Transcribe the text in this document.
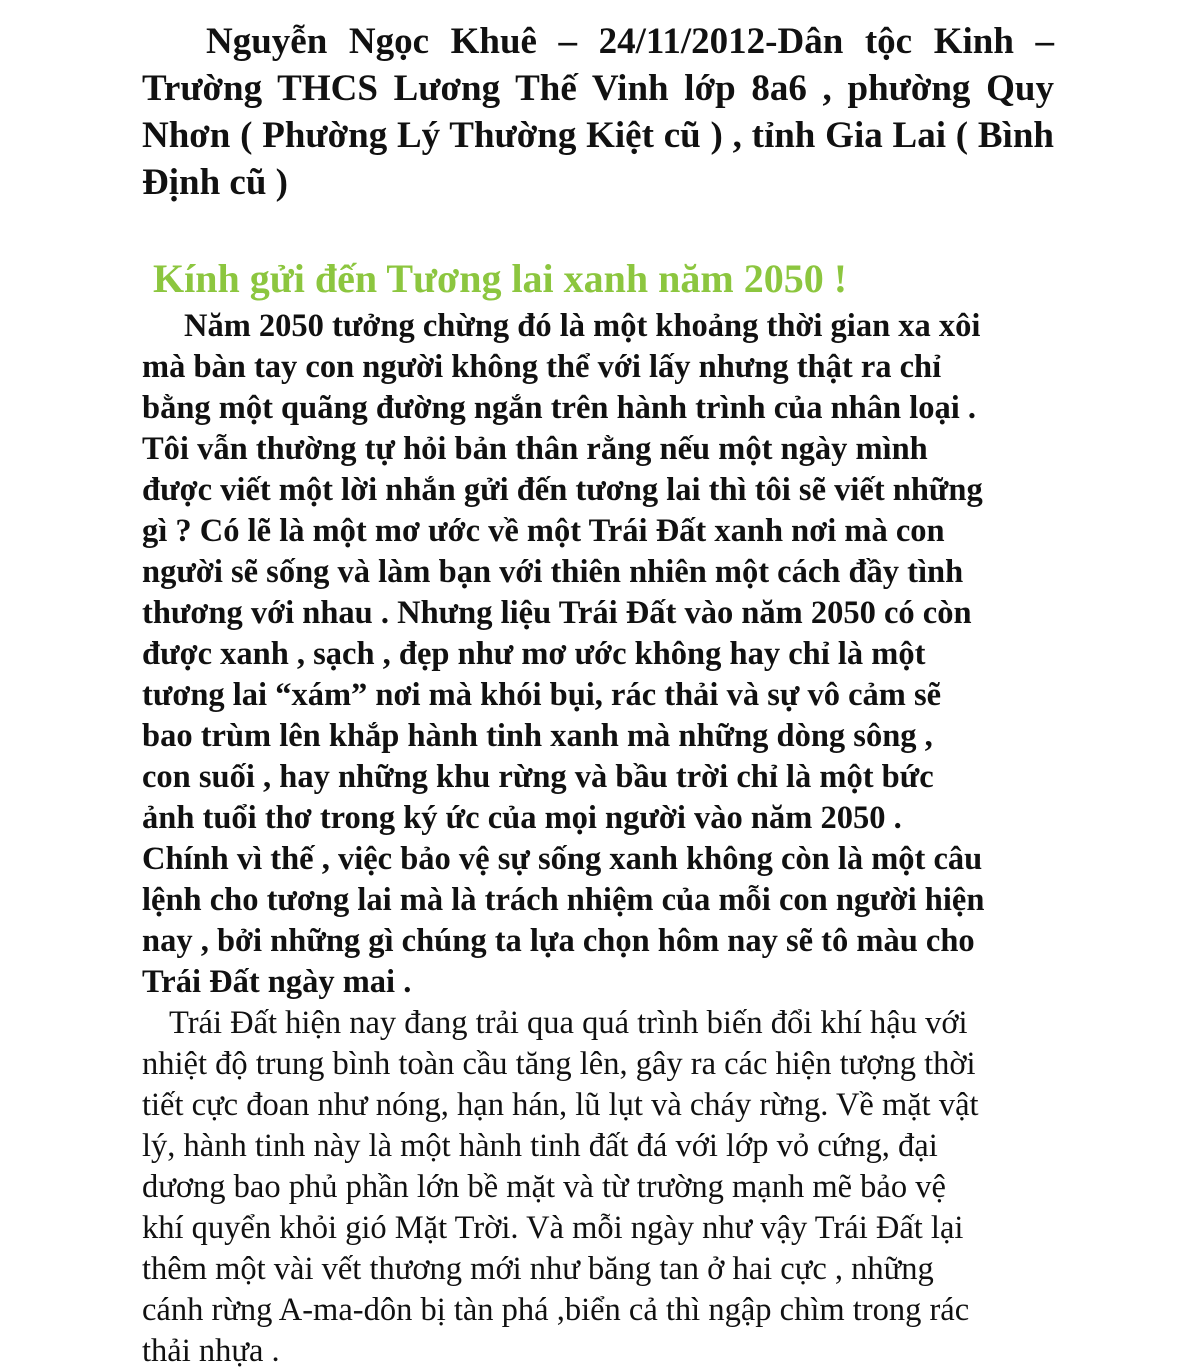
Nguyễn Ngọc Khuê – 24/11/2012-Dân tộc Kinh – Trường THCS Lương Thế Vinh lớp 8a6 , phường Quy Nhơn ( Phường Lý Thường Kiệt cũ ) , tỉnh Gia Lai ( Bình Định cũ )

Kính gửi đến Tương lai xanh năm 2050 !

Năm 2050 tưởng chừng đó là một khoảng thời gian xa xôi
mà bàn tay con người không thể với lấy nhưng thật ra chỉ
bằng một quãng đường ngắn trên hành trình của nhân loại .
Tôi vẫn thường tự hỏi bản thân rằng nếu một ngày mình
được viết một lời nhắn gửi đến tương lai thì tôi sẽ viết những
gì ? Có lẽ là một mơ ước về một Trái Đất xanh nơi mà con
người sẽ sống và làm bạn với thiên nhiên một cách đầy tình
thương với nhau . Nhưng liệu Trái Đất vào năm 2050 có còn
được xanh , sạch , đẹp như mơ ước không hay chỉ là một
tương lai “xám” nơi mà khói bụi, rác thải và sự vô cảm sẽ
bao trùm lên khắp hành tinh xanh mà những dòng sông ,
con suối , hay những khu rừng và bầu trời chỉ là một bức
ảnh tuổi thơ trong ký ức của mọi người vào năm 2050 .
Chính vì thế , việc bảo vệ sự sống xanh không còn là một câu
lệnh cho tương lai mà là trách nhiệm của mỗi con người hiện
nay , bởi những gì chúng ta lựa chọn hôm nay sẽ tô màu cho
Trái Đất ngày mai .

Trái Đất hiện nay đang trải qua quá trình biến đổi khí hậu với
nhiệt độ trung bình toàn cầu tăng lên, gây ra các hiện tượng thời
tiết cực đoan như nóng, hạn hán, lũ lụt và cháy rừng. Về mặt vật
lý, hành tinh này là một hành tinh đất đá với lớp vỏ cứng, đại
dương bao phủ phần lớn bề mặt và từ trường mạnh mẽ bảo vệ
khí quyển khỏi gió Mặt Trời. Và mỗi ngày như vậy Trái Đất lại
thêm một vài vết thương mới như băng tan ở hai cực , những
cánh rừng A-ma-dôn bị tàn phá ,biển cả thì ngập chìm trong rác
thải nhựa .
